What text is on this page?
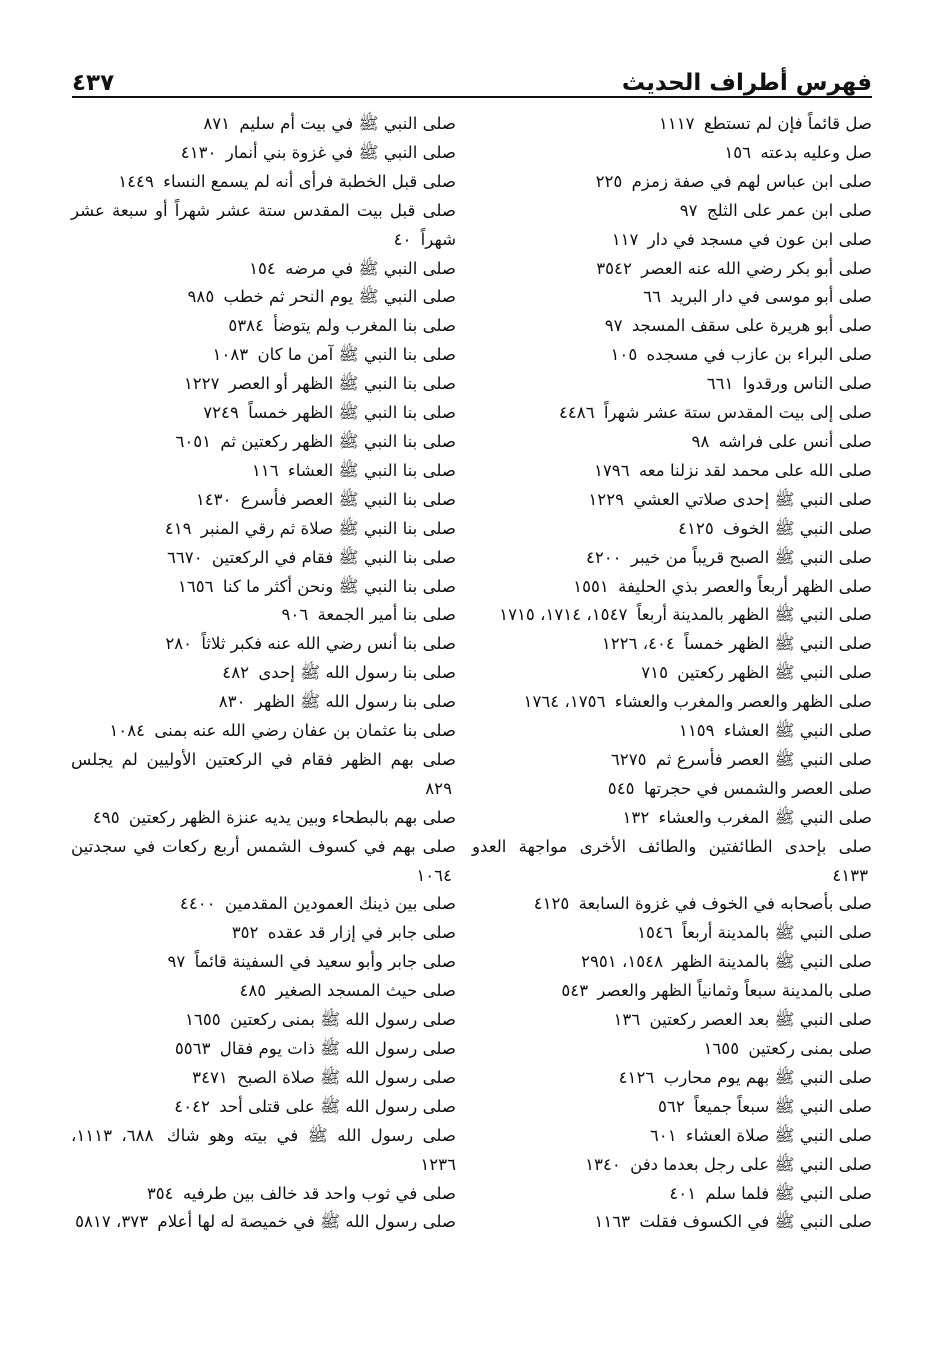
فهرس أطراف الحديث
٤٣٧
صل قائماً فإن لم تستطع ١١١٧
صل وعليه بدعته ١٥٦
صلى ابن عباس لهم في صفة زمزم ٢٢٥
صلى ابن عمر على الثلج ٩٧
صلى ابن عون في مسجد في دار ١١٧
صلى أبو بكر رضي الله عنه العصر ٣٥٤٢
صلى أبو موسى في دار البريد ٦٦
صلى أبو هريرة على سقف المسجد ٩٧
صلى البراء بن عازب في مسجده ١٠٥
صلى الناس ورقدوا ٦٦١
صلى إلى بيت المقدس ستة عشر شهراً ٤٤٨٦
صلى أنس على فراشه ٩٨
صلى الله على محمد لقد نزلنا معه ١٧٩٦
صلى النبي ﷺ إحدى صلاتي العشي ١٢٢٩
صلى النبي ﷺ الخوف ٤١٢٥
صلى النبي ﷺ الصبح قريباً من خيبر ٤٢٠٠
صلى الظهر أربعاً والعصر بذي الحليفة ١٥٥١
صلى النبي ﷺ الظهر بالمدينة أربعاً ١٥٤٧، ١٧١٤، ١٧١٥
صلى النبي ﷺ الظهر خمساً ٤٠٤، ١٢٢٦
صلى النبي ﷺ الظهر ركعتين ٧١٥
صلى الظهر والعصر والمغرب والعشاء ١٧٥٦، ١٧٦٤
صلى النبي ﷺ العشاء ١١٥٩
صلى النبي ﷺ العصر فأسرع ثم ٦٢٧٥
صلى العصر والشمس في حجرتها ٥٤٥
صلى النبي ﷺ المغرب والعشاء ١٣٢
صلى بإحدى الطائفتين والطائف الأخرى مواجهة العدو ٤١٣٣
صلى بأصحابه في الخوف في غزوة السابعة ٤١٢٥
صلى النبي ﷺ بالمدينة أربعاً ١٥٤٦
صلى النبي ﷺ بالمدينة الظهر ١٥٤٨، ٢٩٥١
صلى بالمدينة سبعاً وثمانياً الظهر والعصر ٥٤٣
صلى النبي ﷺ بعد العصر ركعتين ١٣٦
صلى بمنى ركعتين ١٦٥٥
صلى النبي ﷺ بهم يوم محارب ٤١٢٦
صلى النبي ﷺ سبعاً جميعاً ٥٦٢
صلى النبي ﷺ صلاة العشاء ٦٠١
صلى النبي ﷺ على رجل بعدما دفن ١٣٤٠
صلى النبي ﷺ فلما سلم ٤٠١
صلى النبي ﷺ في الكسوف فقلت ١١٦٣
صلى النبي ﷺ في بيت أم سليم ٨٧١
صلى النبي ﷺ في غزوة بني أنمار ٤١٣٠
صلى قبل الخطبة فرأى أنه لم يسمع النساء ١٤٤٩
صلى قبل بيت المقدس ستة عشر شهراً أو سبعة عشر شهراً ٤٠
صلى النبي ﷺ في مرضه ١٥٤
صلى النبي ﷺ يوم النحر ثم خطب ٩٨٥
صلى بنا المغرب ولم يتوضأ ٥٣٨٤
صلى بنا النبي ﷺ آمن ما كان ١٠٨٣
صلى بنا النبي ﷺ الظهر أو العصر ١٢٢٧
صلى بنا النبي ﷺ الظهر خمساً ٧٢٤٩
صلى بنا النبي ﷺ الظهر ركعتين ثم ٦٠٥١
صلى بنا النبي ﷺ العشاء ١١٦
صلى بنا النبي ﷺ العصر فأسرع ١٤٣٠
صلى بنا النبي ﷺ صلاة ثم رقي المنبر ٤١٩
صلى بنا النبي ﷺ فقام في الركعتين ٦٦٧٠
صلى بنا النبي ﷺ ونحن أكثر ما كنا ١٦٥٦
صلى بنا أمير الجمعة ٩٠٦
صلى بنا أنس رضي الله عنه فكبر ثلاثاً ٢٨٠
صلى بنا رسول الله ﷺ إحدى ٤٨٢
صلى بنا رسول الله ﷺ الظهر ٨٣٠
صلى بنا عثمان بن عفان رضي الله عنه بمنى ١٠٨٤
صلى بهم الظهر فقام في الركعتين الأوليين لم يجلس ٨٢٩
صلى بهم بالبطحاء وبين يديه عنزة الظهر ركعتين ٤٩٥
صلى بهم في كسوف الشمس أربع ركعات في سجدتين ١٠٦٤
صلى بين ذينك العمودين المقدمين ٤٤٠٠
صلى جابر في إزار قد عقده ٣٥٢
صلى جابر وأبو سعيد في السفينة قائماً ٩٧
صلى حيث المسجد الصغير ٤٨٥
صلى رسول الله ﷺ بمنى ركعتين ١٦٥٥
صلى رسول الله ﷺ ذات يوم فقال ٥٥٦٣
صلى رسول الله ﷺ صلاة الصبح ٣٤٧١
صلى رسول الله ﷺ على قتلى أحد ٤٠٤٢
صلى رسول الله ﷺ في بيته وهو شاك ٦٨٨، ١١١٣، ١٢٣٦
صلى في ثوب واحد قد خالف بين طرفيه ٣٥٤
صلى رسول الله ﷺ في خميصة له لها أعلام ٣٧٣، ٥٨١٧
